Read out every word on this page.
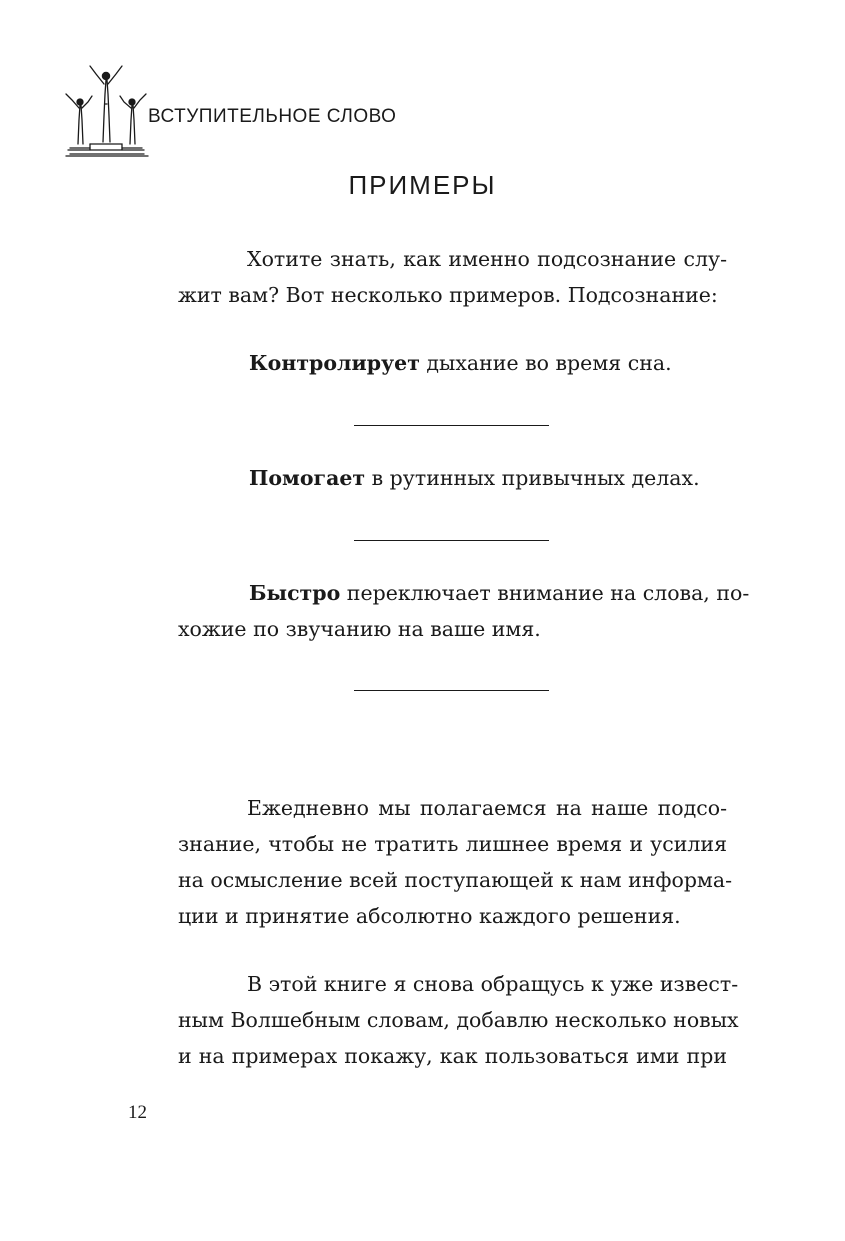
ВСТУПИТЕЛЬНОЕ СЛОВО
ПРИМЕРЫ
Хотите знать, как именно подсознание слу-
жит вам? Вот несколько примеров. Подсознание:
Контролирует дыхание во время сна.
Помогает в рутинных привычных делах.
Быстро переключает внимание на слова, по-
хожие по звучанию на ваше имя.
Ежедневно мы полагаемся на наше подсо-
знание, чтобы не тратить лишнее время и усилия
на осмысление всей поступающей к нам информа-
ции и принятие абсолютно каждого решения.
В этой книге я снова обращусь к уже извест-
ным Волшебным словам, добавлю несколько новых
и на примерах покажу, как пользоваться ими при
12
